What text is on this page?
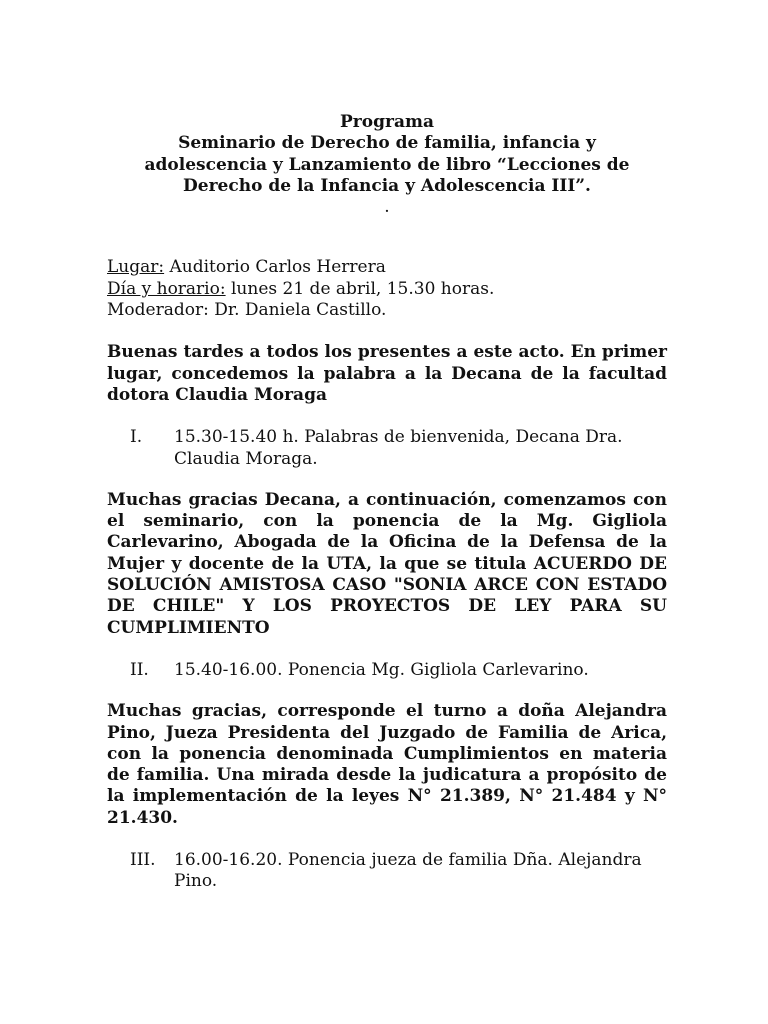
Programa
Seminario de Derecho de familia, infancia y
adolescencia y Lanzamiento de libro “Lecciones de
Derecho de la Infancia y Adolescencia III”.
.
Lugar: Auditorio Carlos Herrera
Día y horario: lunes 21 de abril, 15.30 horas.
Moderador: Dr. Daniela Castillo.
Buenas tardes a todos los presentes a este acto. En primer lugar, concedemos la palabra a la Decana de la facultad dotora Claudia Moraga
I. 15.30-15.40 h. Palabras de bienvenida, Decana Dra. Claudia Moraga.
Muchas gracias Decana, a continuación, comenzamos con el seminario, con la ponencia de la Mg. Gigliola Carlevarino, Abogada de la Oficina de la Defensa de la Mujer y docente de la UTA, la que se titula ACUERDO DE SOLUCIÓN AMISTOSA CASO "SONIA ARCE CON ESTADO DE CHILE" Y LOS PROYECTOS DE LEY PARA SU CUMPLIMIENTO
II. 15.40-16.00. Ponencia Mg. Gigliola Carlevarino.
Muchas gracias, corresponde el turno a doña Alejandra Pino, Jueza Presidenta del Juzgado de Familia de Arica, con la ponencia denominada Cumplimientos en materia de familia. Una mirada desde la judicatura a propósito de la implementación de la leyes N° 21.389, N° 21.484 y N° 21.430.
III. 16.00-16.20. Ponencia jueza de familia Dña. Alejandra Pino.
